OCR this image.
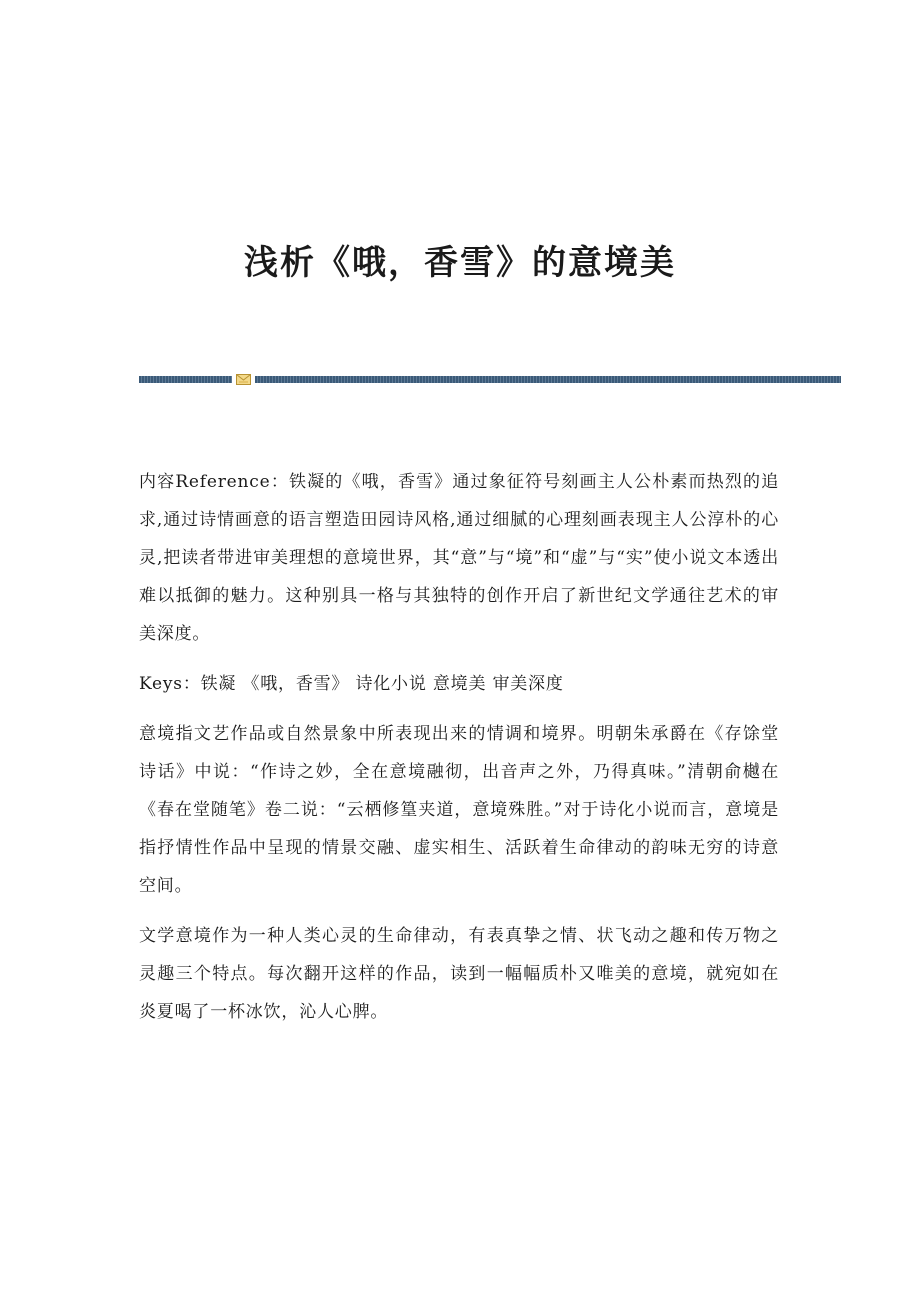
浅析《哦，香雪》的意境美

内容Reference：铁凝的《哦，香雪》通过象征符号刻画主人公朴素而热烈的追求,通过诗情画意的语言塑造田园诗风格,通过细腻的心理刻画表现主人公淳朴的心灵,把读者带进审美理想的意境世界，其“意”与“境”和“虚”与“实”使小说文本透出难以抵御的魅力。这种别具一格与其独特的创作开启了新世纪文学通往艺术的审美深度。

Keys：铁凝 《哦，香雪》 诗化小说 意境美 审美深度

意境指文艺作品或自然景象中所表现出来的情调和境界。明朝朱承爵在《存馀堂诗话》中说：“作诗之妙，全在意境融彻，出音声之外，乃得真味。”清朝俞樾在《春在堂随笔》卷二说：“云栖修篁夹道，意境殊胜。”对于诗化小说而言，意境是指抒情性作品中呈现的情景交融、虚实相生、活跃着生命律动的韵味无穷的诗意空间。

文学意境作为一种人类心灵的生命律动，有表真挚之情、状飞动之趣和传万物之灵趣三个特点。每次翻开这样的作品，读到一幅幅质朴又唯美的意境，就宛如在炎夏喝了一杯冰饮，沁人心脾。
